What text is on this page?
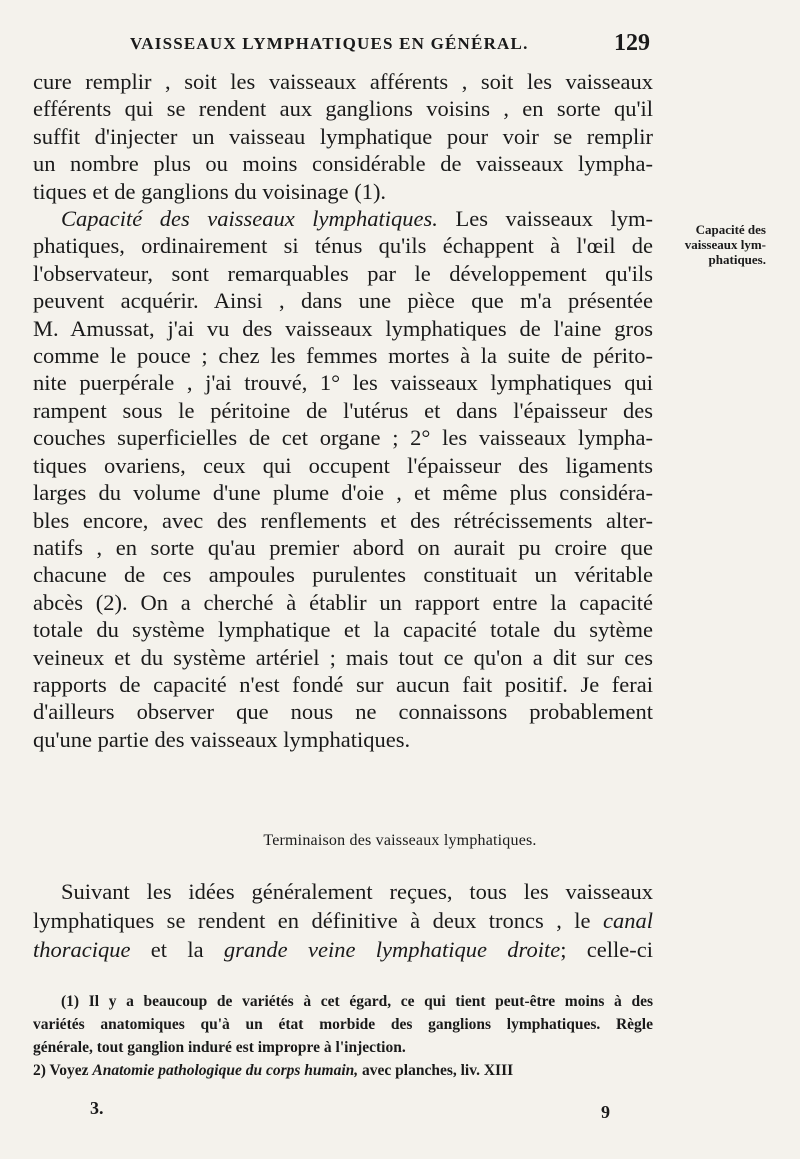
VAISSEAUX LYMPHATIQUES EN GÉNÉRAL.	129
cure remplir , soit les vaisseaux afférents , soit les vaisseaux
efférents qui se rendent aux ganglions voisins , en sorte qu'il
suffit d'injecter un vaisseau lymphatique pour voir se remplir
un nombre plus ou moins considérable de vaisseaux lympha-
tiques et de ganglions du voisinage (1).
Capacité des vaisseaux lymphatiques. Les vaisseaux lym-
phatiques, ordinairement si ténus qu'ils échappent à l'œil de
l'observateur, sont remarquables par le développement qu'ils
peuvent acquérir. Ainsi , dans une pièce que m'a présentée
M. Amussat, j'ai vu des vaisseaux lymphatiques de l'aine gros
comme le pouce ; chez les femmes mortes à la suite de périto-
nite puerpérale , j'ai trouvé, 1° les vaisseaux lymphatiques qui
rampent sous le péritoine de l'utérus et dans l'épaisseur des
couches superficielles de cet organe ; 2° les vaisseaux lympha-
tiques ovariens, ceux qui occupent l'épaisseur des ligaments
larges du volume d'une plume d'oie , et même plus considéra-
bles encore, avec des renflements et des rétrécissements alter-
natifs , en sorte qu'au premier abord on aurait pu croire que
chacune de ces ampoules purulentes constituait un véritable
abcès (2). On a cherché à établir un rapport entre la capacité
totale du système lymphatique et la capacité totale du sytème
veineux et du système artériel ; mais tout ce qu'on a dit sur ces
rapports de capacité n'est fondé sur aucun fait positif. Je ferai
d'ailleurs observer que nous ne connaissons probablement
qu'une partie des vaisseaux lymphatiques.
Capacité des
vaisseaux lym-
phatiques.
Terminaison des vaisseaux lymphatiques.
Suivant les idées généralement reçues, tous les vaisseaux
lymphatiques se rendent en définitive à deux troncs , le canal
thoracique et la grande veine lymphatique droite; celle-ci
(1) Il y a beaucoup de variétés à cet égard, ce qui tient peut-être moins à des
variétés anatomiques qu'à un état morbide des ganglions lymphatiques. Règle
générale, tout ganglion induré est impropre à l'injection.
2) Voyez Anatomie pathologique du corps humain, avec planches, liv. XIII
3.	9
